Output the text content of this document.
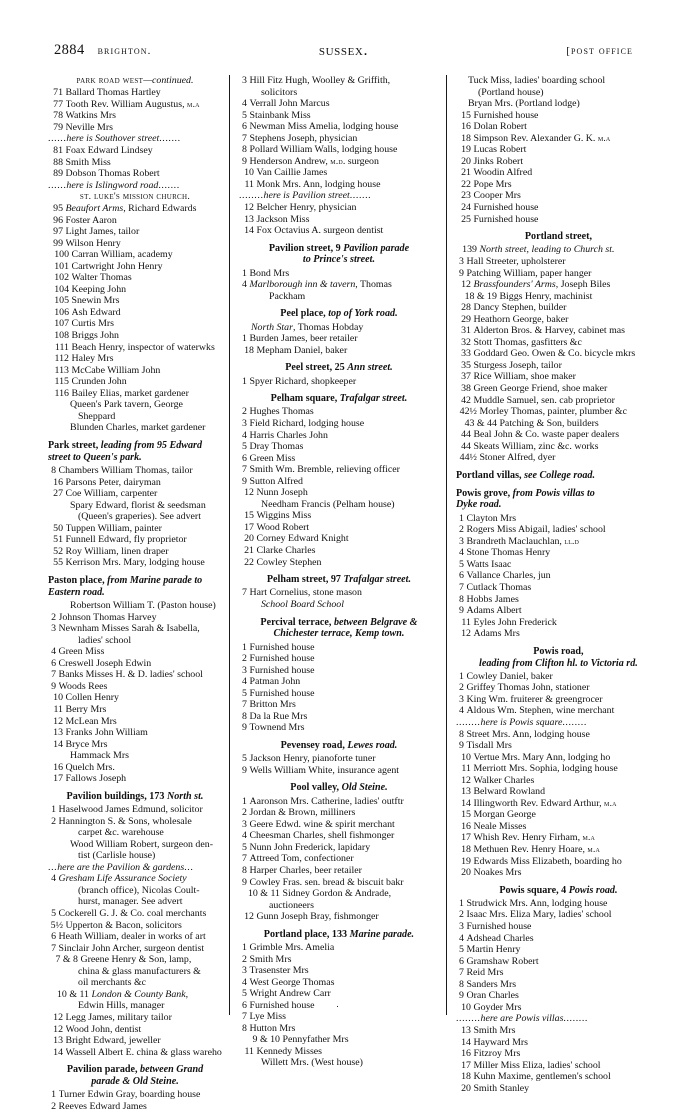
2884 brighton.	sussex.	[post office
park road west—continued.
71 Ballard Thomas Hartley
77 Tooth Rev. William Augustus, m.a
78 Watkins Mrs
79 Neville Mrs
......here is Southover street.......
81 Foax Edward Lindsey
88 Smith Miss
89 Dobson Thomas Robert
......here is Islingword road.......
st. luke's mission church.
95 Beaufort Arms, Richard Edwards
96 Foster Aaron
97 Light James, tailor
99 Wilson Henry
100 Carran William, academy
101 Cartwright John Henry
102 Walter Thomas
104 Keeping John
105 Snewin Mrs
106 Ash Edward
107 Curtis Mrs
108 Briggs John
111 Beach Henry, inspector of waterwks
112 Haley Mrs
113 McCabe William John
115 Crunden John
116 Bailey Elias, market gardener
Queen's Park tavern, George
Sheppard
Blunden Charles, market gardener
Park street, leading from 95 Edward
street to Queen's park.
8 Chambers William Thomas, tailor
16 Parsons Peter, dairyman
27 Coe William, carpenter
Spary Edward, florist & seedsman
(Queen's graperies). See advert
50 Tuppen William, painter
51 Funnell Edward, fly proprietor
52 Roy William, linen draper
55 Kerrison Mrs. Mary, lodging house
Paston place, from Marine parade to
Eastern road.
Robertson William T. (Paston house)
2 Johnson Thomas Harvey
3 Newnham Misses Sarah & Isabella,
ladies' school
4 Green Miss
6 Creswell Joseph Edwin
7 Banks Misses H. & D. ladies' school
9 Woods Rees
10 Collen Henry
11 Berry Mrs
12 McLean Mrs
13 Franks John William
14 Bryce Mrs
Hammack Mrs
16 Quelch Mrs.
17 Fallows Joseph
Pavilion buildings, 173 North st.
1 Haselwood James Edmund, solicitor
2 Hannington S. & Sons, wholesale
carpet &c. warehouse
Wood William Robert, surgeon den-
tist (Carlisle house)
...here are the Pavilion & gardens...
4 Gresham Life Assurance Society
(branch office), Nicolas Coult-
hurst, manager. See advert
5 Cockerell G. J. & Co. coal merchants
5½ Upperton & Bacon, solicitors
6 Heath William, dealer in works of art
7 Sinclair John Archer, surgeon dentist
7 & 8 Greene Henry & Son, lamp,
china & glass manufacturers &
oil merchants &c
10 & 11 London & County Bank,
Edwin Hills, manager
12 Legg James, military tailor
12 Wood John, dentist
13 Bright Edward, jeweller
14 Wassell Albert E. china & glass wareho
Pavilion parade, between Grand
parade & Old Steine.
1 Turner Edwin Gray, boarding house
2 Reeves Edward James
3 Hill Fitz Hugh, Woolley & Griffith,
solicitors
4 Verrall John Marcus
5 Stainbank Miss
6 Newman Miss Amelia, lodging house
7 Stephens Joseph, physician
8 Pollard William Walls, lodging house
9 Henderson Andrew, m.d. surgeon
10 Van Caillie James
11 Monk Mrs. Ann, lodging house
........here is Pavilion street.......
12 Belcher Henry, physician
13 Jackson Miss
14 Fox Octavius A. surgeon dentist
Pavilion street, 9 Pavilion parade
to Prince's street.
1 Bond Mrs
4 Marlborough inn & tavern, Thomas
Packham
Peel place, top of York road.
North Star, Thomas Hobday
1 Burden James, beer retailer
18 Mepham Daniel, baker
Peel street, 25 Ann street.
1 Spyer Richard, shopkeeper
Pelham square, Trafalgar street.
2 Hughes Thomas
3 Field Richard, lodging house
4 Harris Charles John
5 Dray Thomas
6 Green Miss
7 Smith Wm. Bremble, relieving officer
9 Sutton Alfred
12 Nunn Joseph
Needham Francis (Pelham house)
15 Wiggins Miss
17 Wood Robert
20 Corney Edward Knight
21 Clarke Charles
22 Cowley Stephen
Pelham street, 97 Trafalgar street.
7 Hart Cornelius, stone mason
School Board School
Percival terrace, between Belgrave &
Chichester terrace, Kemp town.
1 Furnished house
2 Furnished house
3 Furnished house
4 Patman John
5 Furnished house
7 Britton Mrs
8 Da la Rue Mrs
9 Townend Mrs
Pevensey road, Lewes road.
5 Jackson Henry, pianoforte tuner
9 Wells William White, insurance agent
Pool valley, Old Steine.
1 Aaronson Mrs. Catherine, ladies' outftr
2 Jordan & Brown, milliners
3 Geere Edwd. wine & spirit merchant
4 Cheesman Charles, shell fishmonger
5 Nunn John Frederick, lapidary
7 Attreed Tom, confectioner
8 Harper Charles, beer retailer
9 Cowley Fras. sen. bread & biscuit bakr
10 & 11 Sidney Gordon & Andrade,
auctioneers
12 Gunn Joseph Bray, fishmonger
Portland place, 133 Marine parade.
1 Grimble Mrs. Amelia
2 Smith Mrs
3 Trasenster Mrs
4 West George Thomas
5 Wright Andrew Carr
6 Furnished house
7 Lye Miss
8 Hutton Mrs
9 & 10 Pennyfather Mrs
11 Kennedy Misses
Willett Mrs. (West house)
Tuck Miss, ladies' boarding school
(Portland house)
Bryan Mrs. (Portland lodge)
15 Furnished house
16 Dolan Robert
18 Simpson Rev. Alexander G. K. m.a
19 Lucas Robert
20 Jinks Robert
21 Woodin Alfred
22 Pope Mrs
23 Cooper Mrs
24 Furnished house
25 Furnished house
Portland street,
139 North street, leading to Church st.
3 Hall Streeter, upholsterer
9 Patching William, paper hanger
12 Brassfounders' Arms, Joseph Biles
18 & 19 Biggs Henry, machinist
28 Dancy Stephen, builder
29 Heathorn George, baker
31 Alderton Bros. & Harvey, cabinet mas
32 Stott Thomas, gasfitters &c
33 Goddard Geo. Owen & Co. bicycle mkrs
35 Sturgess Joseph, tailor
37 Rice William, shoe maker
38 Green George Friend, shoe maker
42 Muddle Samuel, sen. cab proprietor
42½ Morley Thomas, painter, plumber &c
43 & 44 Patching & Son, builders
44 Beal John & Co. waste paper dealers
44 Skeats William, zinc &c. works
44½ Stoner Alfred, dyer
Portland villas, see College road.
Powis grove, from Powis villas to
Dyke road.
1 Clayton Mrs
2 Rogers Miss Abigail, ladies' school
3 Brandreth Maclauchlan, ll.d
4 Stone Thomas Henry
5 Watts Isaac
6 Vallance Charles, jun
7 Cutlack Thomas
8 Hobbs James
9 Adams Albert
11 Eyles John Frederick
12 Adams Mrs
Powis road,
leading from Clifton hl. to Victoria rd.
1 Cowley Daniel, baker
2 Griffey Thomas John, stationer
3 King Wm. fruiterer & greengrocer
4 Aldous Wm. Stephen, wine merchant
........here is Powis square........
8 Street Mrs. Ann, lodging house
9 Tisdall Mrs
10 Vertue Mrs. Mary Ann, lodging ho
11 Merriott Mrs. Sophia, lodging house
12 Walker Charles
13 Belward Rowland
14 Illingworth Rev. Edward Arthur, m.a
15 Morgan George
16 Neale Misses
17 Whish Rev. Henry Firham, m.a
18 Methuen Rev. Henry Hoare, m.a
19 Edwards Miss Elizabeth, boarding ho
20 Noakes Mrs
Powis square, 4 Powis road.
1 Strudwick Mrs. Ann, lodging house
2 Isaac Mrs. Eliza Mary, ladies' school
3 Furnished house
4 Adshead Charles
5 Martin Henry
6 Gramshaw Robert
7 Reid Mrs
8 Sanders Mrs
9 Oran Charles
10 Goyder Mrs
........here are Powis villas........
13 Smith Mrs
14 Hayward Mrs
16 Fitzroy Mrs
17 Miller Miss Eliza, ladies' school
18 Kuhn Maxime, gentlemen's school
20 Smith Stanley
.
